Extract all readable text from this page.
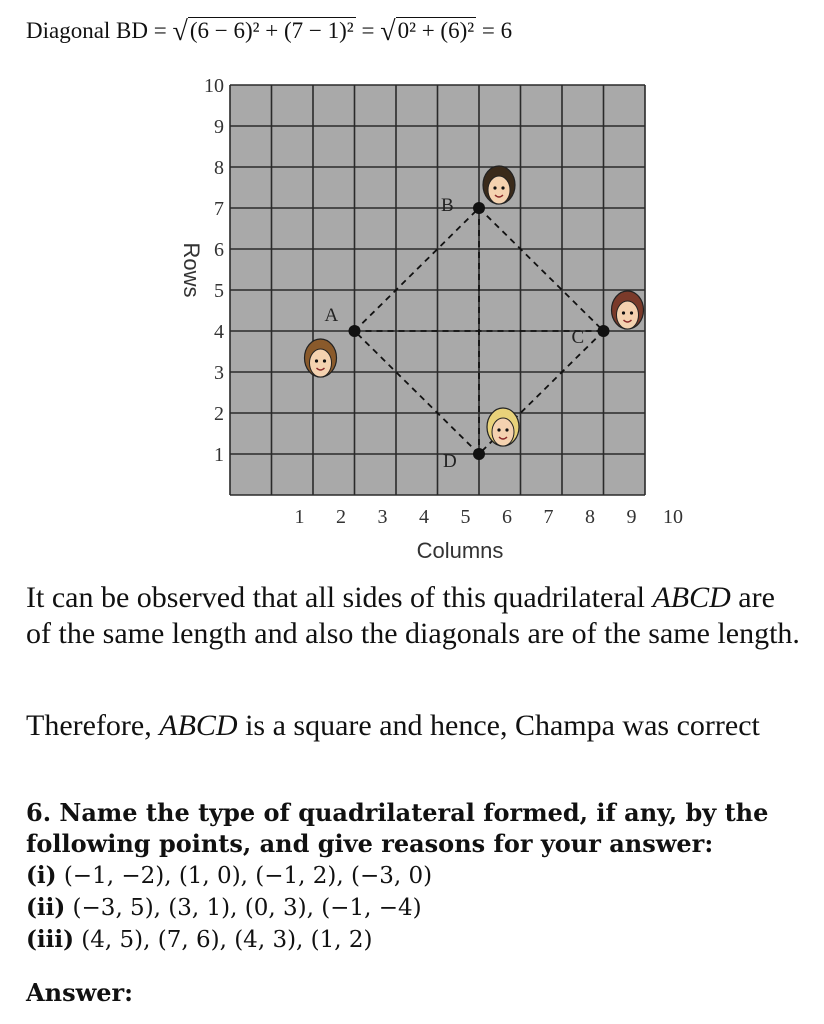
Diagonal BD = √(6 − 6)² + (7 − 1)² = √0² + (6)² = 6
1
2
3
4
5
6
7
8
9
10
1 2 3 4 5 6 7 8 9 10
A
B
C
D
Rows
Columns

It can be observed that all sides of this quadrilateral ABCD are of the same length and also the diagonals are of the same length.

Therefore, ABCD is a square and hence, Champa was correct

6. Name the type of quadrilateral formed, if any, by the following points, and give reasons for your answer:

(i) (−1, −2), (1, 0), (−1, 2), (−3, 0)

(ii) (−3, 5), (3, 1), (0, 3), (−1, −4)

(iii) (4, 5), (7, 6), (4, 3), (1, 2)

Answer:
